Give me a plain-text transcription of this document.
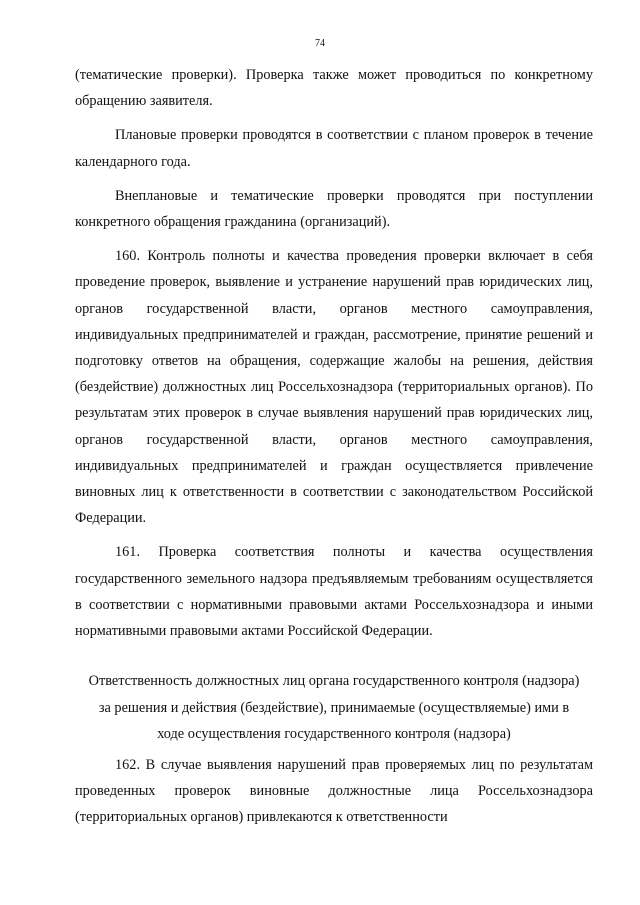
74

(тематические проверки). Проверка также может проводиться по конкретному обращению заявителя.

Плановые проверки проводятся в соответствии с планом проверок в течение календарного года.

Внеплановые и тематические проверки проводятся при поступлении конкретного обращения гражданина (организаций).

160. Контроль полноты и качества проведения проверки включает в себя проведение проверок, выявление и устранение нарушений прав юридических лиц, органов государственной власти, органов местного самоуправления, индивидуальных предпринимателей и граждан, рассмотрение, принятие решений и подготовку ответов на обращения, содержащие жалобы на решения, действия (бездействие) должностных лиц Россельхознадзора (территориальных органов). По результатам этих проверок в случае выявления нарушений прав юридических лиц, органов государственной власти, органов местного самоуправления, индивидуальных предпринимателей и граждан осуществляется привлечение виновных лиц к ответственности в соответствии с законодательством Российской Федерации.

161. Проверка соответствия полноты и качества осуществления государственного земельного надзора предъявляемым требованиям осуществляется в соответствии с нормативными правовыми актами Россельхознадзора и иными нормативными правовыми актами Российской Федерации.

Ответственность должностных лиц органа государственного контроля (надзора) за решения и действия (бездействие), принимаемые (осуществляемые) ими в ходе осуществления государственного контроля (надзора)

162. В случае выявления нарушений прав проверяемых лиц по результатам проведенных проверок виновные должностные лица Россельхознадзора (территориальных органов) привлекаются к ответственности
